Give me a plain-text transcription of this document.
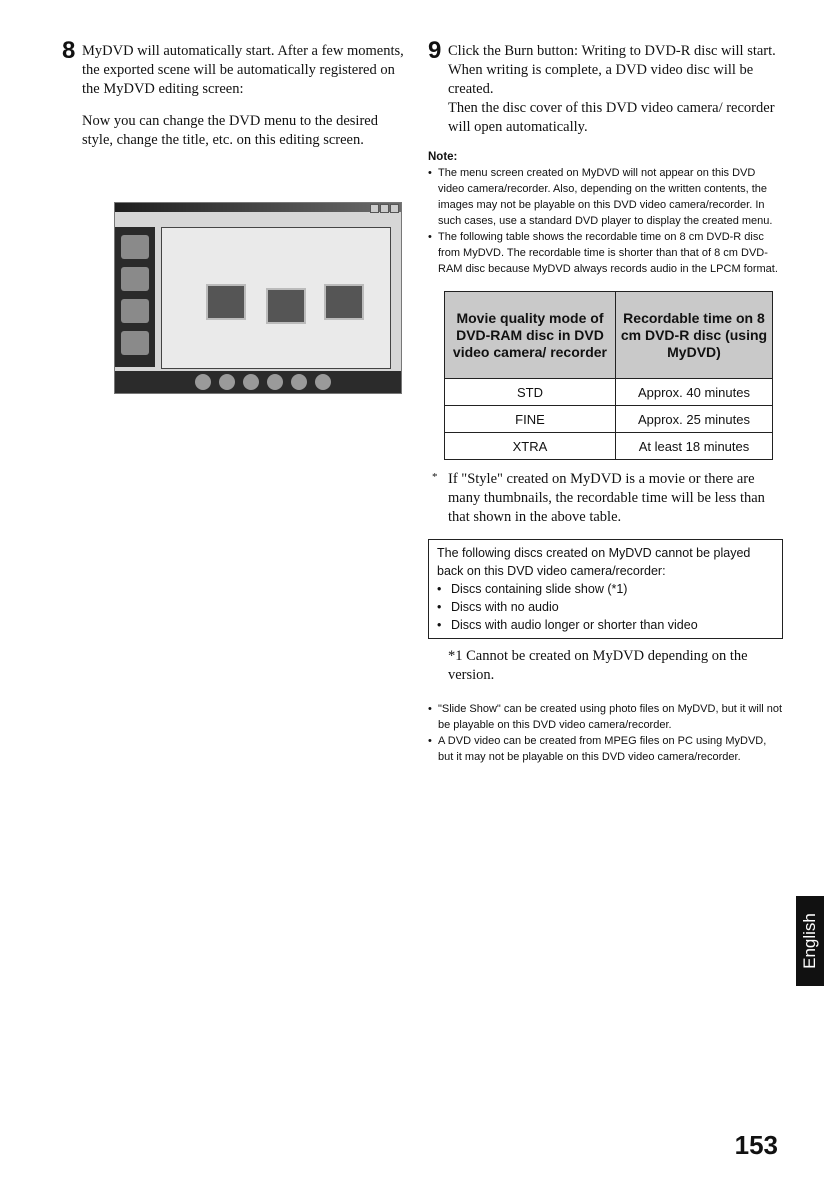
8 MyDVD will automatically start. After a few moments, the exported scene will be automatically registered on the MyDVD editing screen:

Now you can change the DVD menu to the desired style, change the title, etc. on this editing screen.

9 Click the Burn button: Writing to DVD-R disc will start. When writing is complete, a DVD video disc will be created.

Then the disc cover of this DVD video camera/ recorder will open automatically.

Note:
• The menu screen created on MyDVD will not appear on this DVD video camera/recorder. Also, depending on the written contents, the images may not be playable on this DVD video camera/recorder. In such cases, use a standard DVD player to display the created menu.
• The following table shows the recordable time on 8 cm DVD-R disc from MyDVD. The recordable time is shorter than that of 8 cm DVD-RAM disc because MyDVD always records audio in the LPCM format.
Movie quality mode of DVD-RAM disc in DVD video camera/ recorder	Recordable time on 8 cm DVD-R disc (using MyDVD)
STD	Approx. 40 minutes
FINE	Approx. 25 minutes
XTRA	At least 18 minutes

* If "Style" created on MyDVD is a movie or there are many thumbnails, the recordable time will be less than that shown in the above table.

The following discs created on MyDVD cannot be played back on this DVD video camera/recorder:
• Discs containing slide show (*1)
• Discs with no audio
• Discs with audio longer or shorter than video

*1 Cannot be created on MyDVD depending on the version.

• "Slide Show" can be created using photo files on MyDVD, but it will not be playable on this DVD video camera/recorder.
• A DVD video can be created from MPEG files on PC using MyDVD, but it may not be playable on this DVD video camera/recorder.
English
153
